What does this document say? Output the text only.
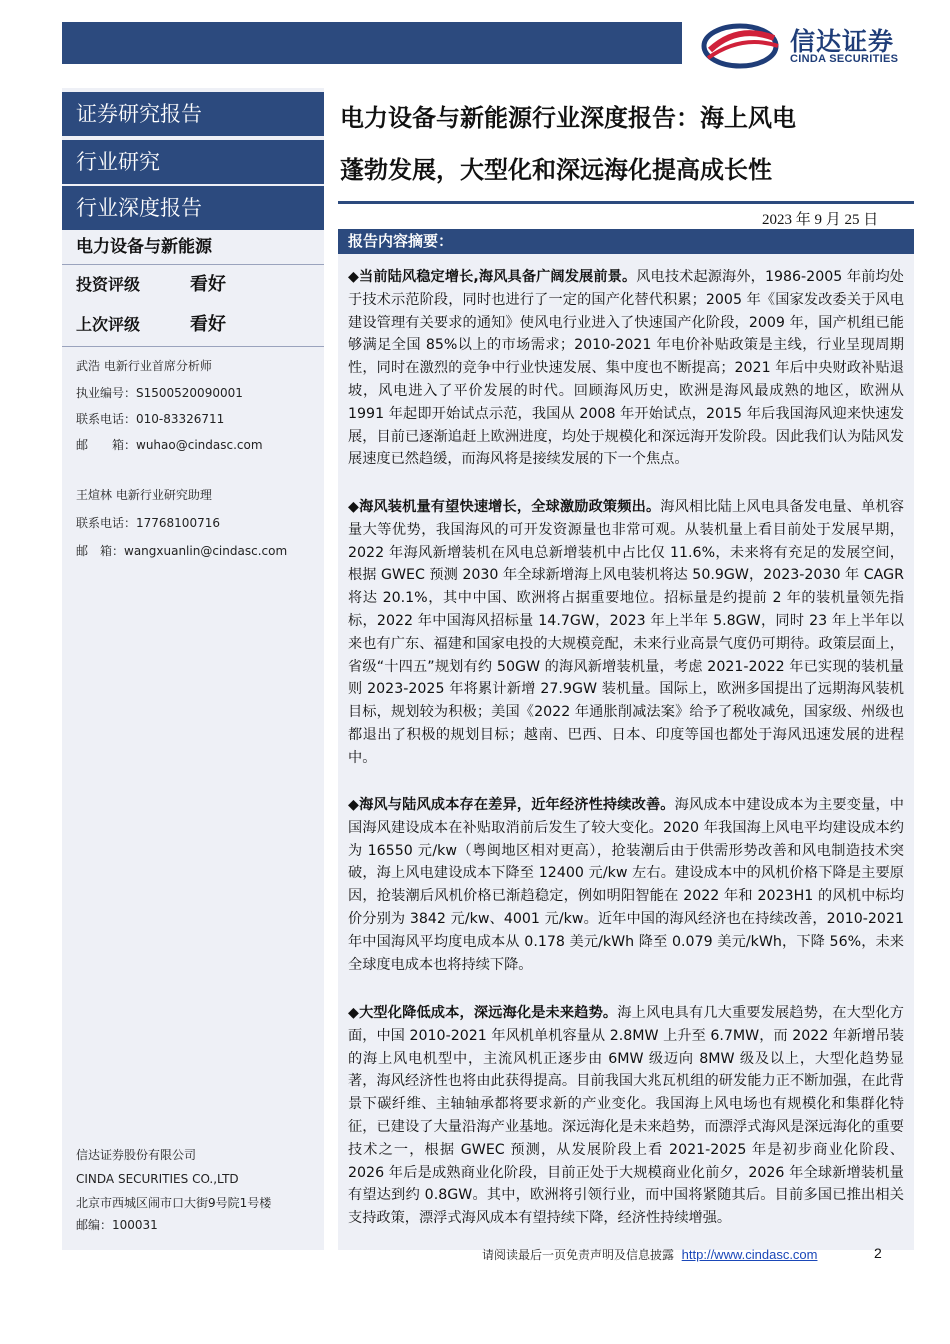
信达证券
CINDA SECURITIES
证券研究报告
行业研究
行业深度报告
电力设备与新能源
投资评级	看好
上次评级	看好
武浩 电新行业首席分析师
执业编号：S1500520090001
联系电话：010-83326711
邮　　箱：wuhao@cindasc.com
王煊林 电新行业研究助理
联系电话：17768100716
邮　箱：wangxuanlin@cindasc.com
信达证券股份有限公司
CINDA SECURITIES CO.,LTD
北京市西城区闹市口大街9号院1号楼
邮编：100031
电力设备与新能源行业深度报告：海上风电
蓬勃发展，大型化和深远海化提高成长性
2023 年 9 月 25 日
报告内容摘要：
◆当前陆风稳定增长,海风具备广阔发展前景。风电技术起源海外，1986-2005 年前均处于技术示范阶段，同时也进行了一定的国产化替代积累；2005 年《国家发改委关于风电建设管理有关要求的通知》使风电行业进入了快速国产化阶段，2009 年，国产机组已能够满足全国 85%以上的市场需求；2010-2021 年电价补贴政策是主线，行业呈现周期性，同时在激烈的竞争中行业快速发展、集中度也不断提高；2021 年后中央财政补贴退坡，风电进入了平价发展的时代。回顾海风历史，欧洲是海风最成熟的地区，欧洲从 1991 年起即开始试点示范，我国从 2008 年开始试点，2015 年后我国海风迎来快速发展，目前已逐渐追赶上欧洲进度，均处于规模化和深远海开发阶段。因此我们认为陆风发展速度已然趋缓，而海风将是接续发展的下一个焦点。
◆海风装机量有望快速增长，全球激励政策频出。海风相比陆上风电具备发电量、单机容量大等优势，我国海风的可开发资源量也非常可观。从装机量上看目前处于发展早期，2022 年海风新增装机在风电总新增装机中占比仅 11.6%，未来将有充足的发展空间，根据 GWEC 预测 2030 年全球新增海上风电装机将达 50.9GW，2023-2030 年 CAGR 将达 20.1%，其中中国、欧洲将占据重要地位。招标量是约提前 2 年的装机量领先指标，2022 年中国海风招标量 14.7GW，2023 年上半年 5.8GW，同时 23 年上半年以来也有广东、福建和国家电投的大规模竞配，未来行业高景气度仍可期待。政策层面上，省级“十四五”规划有约 50GW 的海风新增装机量，考虑 2021-2022 年已实现的装机量则 2023-2025 年将累计新增 27.9GW 装机量。国际上，欧洲多国提出了远期海风装机目标，规划较为积极；美国《2022 年通胀削减法案》给予了税收减免，国家级、州级也都退出了积极的规划目标；越南、巴西、日本、印度等国也都处于海风迅速发展的进程中。
◆海风与陆风成本存在差异，近年经济性持续改善。海风成本中建设成本为主要变量，中国海风建设成本在补贴取消前后发生了较大变化。2020 年我国海上风电平均建设成本约为 16550 元/kw（粤闽地区相对更高），抢装潮后由于供需形势改善和风电制造技术突破，海上风电建设成本下降至 12400 元/kw 左右。建设成本中的风机价格下降是主要原因，抢装潮后风机价格已渐趋稳定，例如明阳智能在 2022 年和 2023H1 的风机中标均价分别为 3842 元/kw、4001 元/kw。近年中国的海风经济也在持续改善，2010-2021 年中国海风平均度电成本从 0.178 美元/kWh 降至 0.079 美元/kWh，下降 56%，未来全球度电成本也将持续下降。
◆大型化降低成本，深远海化是未来趋势。海上风电具有几大重要发展趋势，在大型化方面，中国 2010-2021 年风机单机容量从 2.8MW 上升至 6.7MW，而 2022 年新增吊装的海上风电机型中，主流风机正逐步由 6MW 级迈向 8MW 级及以上，大型化趋势显著，海风经济性也将由此获得提高。目前我国大兆瓦机组的研发能力正不断加强，在此背景下碳纤维、主轴轴承都将要求新的产业变化。我国海上风电场也有规模化和集群化特征，已建设了大量沿海产业基地。深远海化是未来趋势，而漂浮式海风是深远海化的重要技术之一，根据 GWEC 预测，从发展阶段上看 2021-2025 年是初步商业化阶段、2026 年后是成熟商业化阶段，目前正处于大规模商业化前夕，2026 年全球新增装机量有望达到约 0.8GW。其中，欧洲将引领行业，而中国将紧随其后。目前多国已推出相关支持政策，漂浮式海风成本有望持续下降，经济性持续增强。
请阅读最后一页免责声明及信息披露 http://www.cindasc.com	2
